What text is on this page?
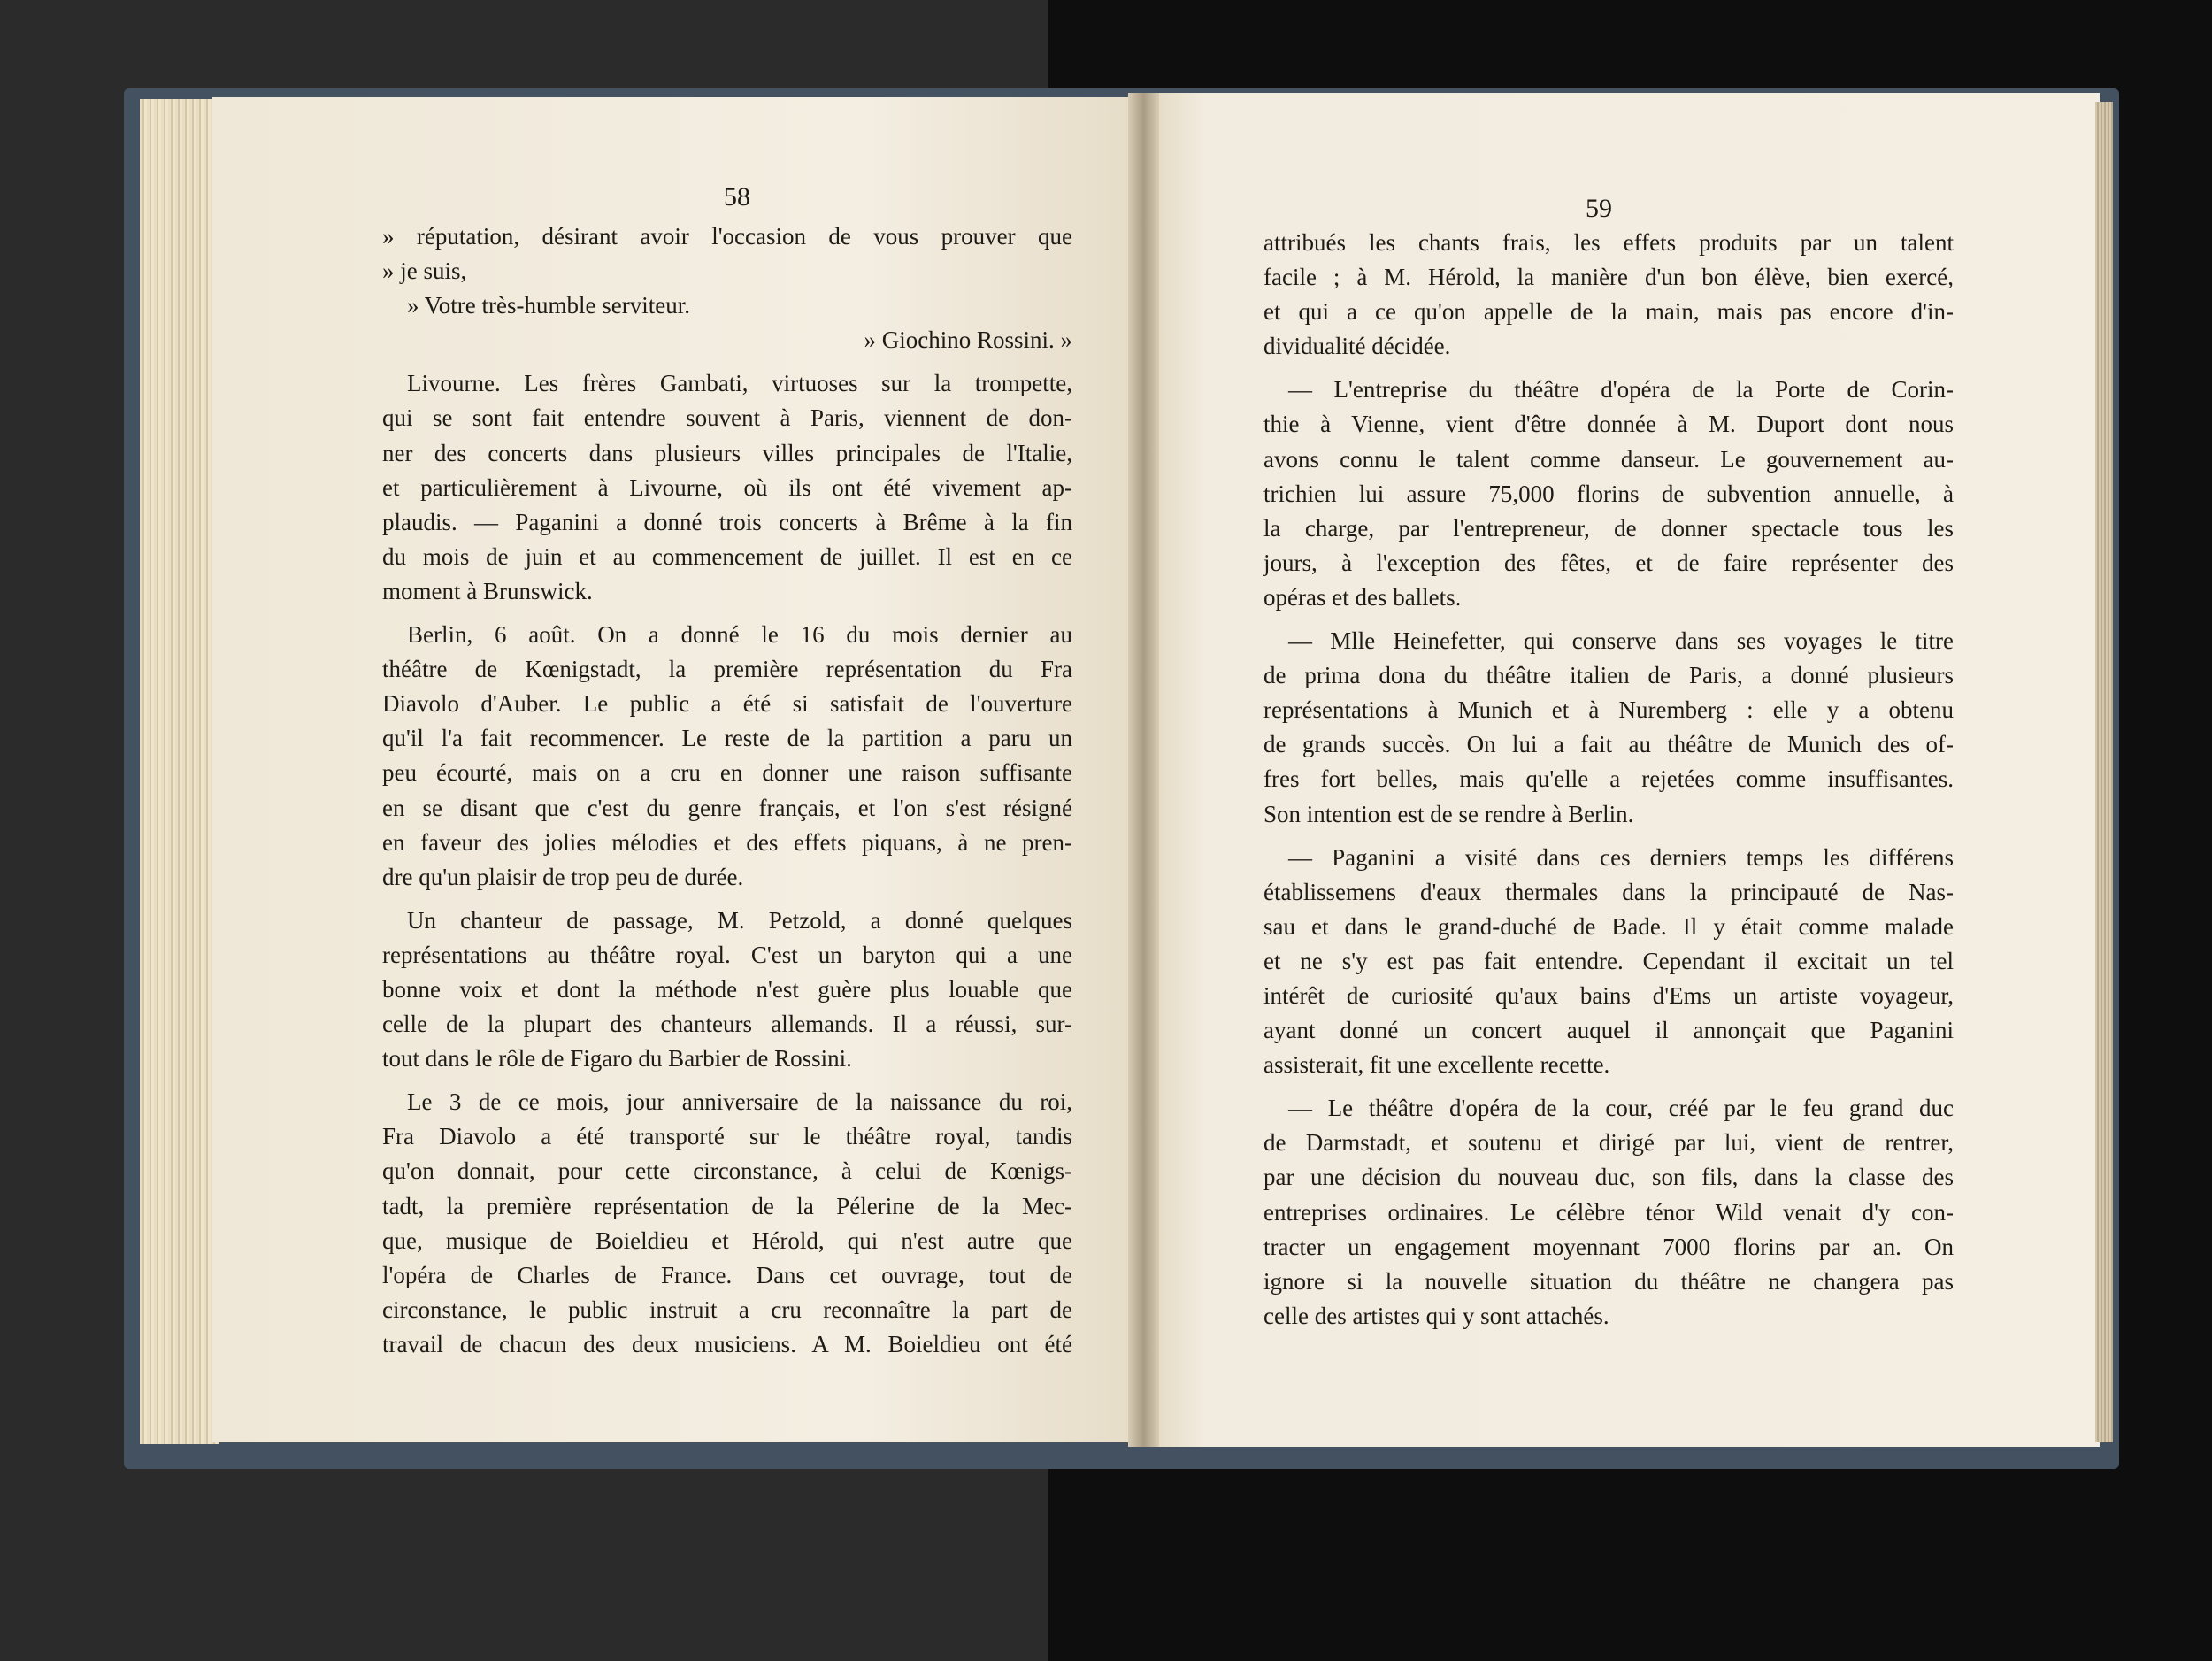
58	59
» réputation, désirant avoir l'occasion de vous prouver que
» je suis,
» Votre très-humble serviteur.
» Giochino Rossini. »
Livourne. Les frères Gambati, virtuoses sur la trompette,
qui se sont fait entendre souvent à Paris, viennent de don-
ner des concerts dans plusieurs villes principales de l'Italie,
et particulièrement à Livourne, où ils ont été vivement ap-
plaudis. — Paganini a donné trois concerts à Brême à la fin
du mois de juin et au commencement de juillet. Il est en ce
moment à Brunswick.
Berlin, 6 août. On a donné le 16 du mois dernier au
théâtre de Kœnigstadt, la première représentation du Fra
Diavolo d'Auber. Le public a été si satisfait de l'ouverture
qu'il l'a fait recommencer. Le reste de la partition a paru un
peu écourté, mais on a cru en donner une raison suffisante
en se disant que c'est du genre français, et l'on s'est résigné
en faveur des jolies mélodies et des effets piquans, à ne pren-
dre qu'un plaisir de trop peu de durée.
Un chanteur de passage, M. Petzold, a donné quelques
représentations au théâtre royal. C'est un baryton qui a une
bonne voix et dont la méthode n'est guère plus louable que
celle de la plupart des chanteurs allemands. Il a réussi, sur-
tout dans le rôle de Figaro du Barbier de Rossini.
Le 3 de ce mois, jour anniversaire de la naissance du roi,
Fra Diavolo a été transporté sur le théâtre royal, tandis
qu'on donnait, pour cette circonstance, à celui de Kœnigs-
tadt, la première représentation de la Pélerine de la Mec-
que, musique de Boieldieu et Hérold, qui n'est autre que
l'opéra de Charles de France. Dans cet ouvrage, tout de
circonstance, le public instruit a cru reconnaître la part de
travail de chacun des deux musiciens. A M. Boieldieu ont été
attribués les chants frais, les effets produits par un talent
facile ; à M. Hérold, la manière d'un bon élève, bien exercé,
et qui a ce qu'on appelle de la main, mais pas encore d'in-
dividualité décidée.
— L'entreprise du théâtre d'opéra de la Porte de Corin-
thie à Vienne, vient d'être donnée à M. Duport dont nous
avons connu le talent comme danseur. Le gouvernement au-
trichien lui assure 75,000 florins de subvention annuelle, à
la charge, par l'entrepreneur, de donner spectacle tous les
jours, à l'exception des fêtes, et de faire représenter des
opéras et des ballets.
— Mlle Heinefetter, qui conserve dans ses voyages le titre
de prima dona du théâtre italien de Paris, a donné plusieurs
représentations à Munich et à Nuremberg : elle y a obtenu
de grands succès. On lui a fait au théâtre de Munich des of-
fres fort belles, mais qu'elle a rejetées comme insuffisantes.
Son intention est de se rendre à Berlin.
— Paganini a visité dans ces derniers temps les différens
établissemens d'eaux thermales dans la principauté de Nas-
sau et dans le grand-duché de Bade. Il y était comme malade
et ne s'y est pas fait entendre. Cependant il excitait un tel
intérêt de curiosité qu'aux bains d'Ems un artiste voyageur,
ayant donné un concert auquel il annonçait que Paganini
assisterait, fit une excellente recette.
— Le théâtre d'opéra de la cour, créé par le feu grand duc
de Darmstadt, et soutenu et dirigé par lui, vient de rentrer,
par une décision du nouveau duc, son fils, dans la classe des
entreprises ordinaires. Le célèbre ténor Wild venait d'y con-
tracter un engagement moyennant 7000 florins par an. On
ignore si la nouvelle situation du théâtre ne changera pas
celle des artistes qui y sont attachés.
